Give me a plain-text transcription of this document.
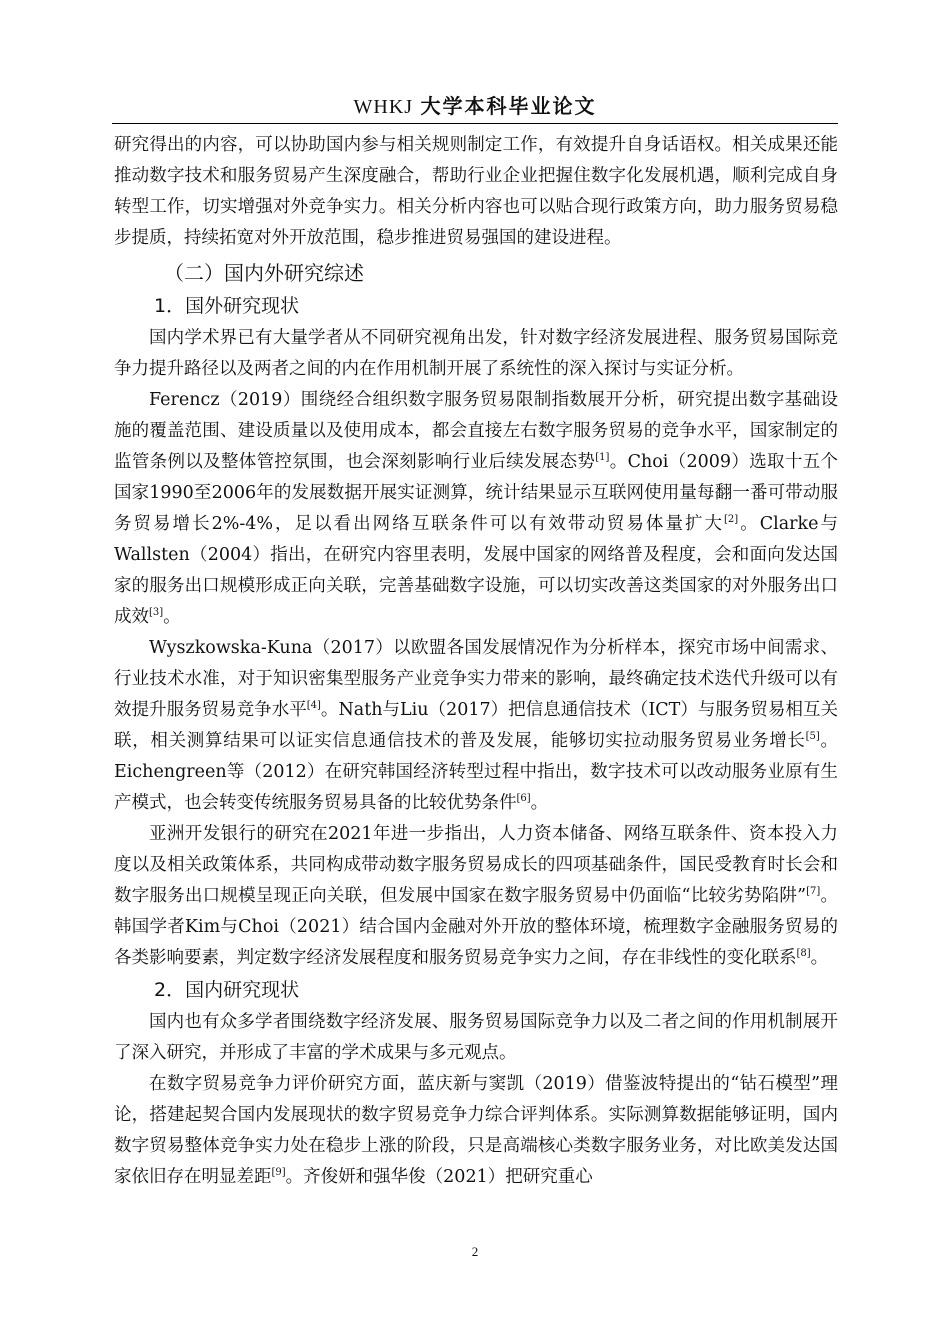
WHKJ 大学本科毕业论文

研究得出的内容，可以协助国内参与相关规则制定工作，有效提升自身话语权。相关成果还能推动数字技术和服务贸易产生深度融合，帮助行业企业把握住数字化发展机遇，顺利完成自身转型工作，切实增强对外竞争实力。相关分析内容也可以贴合现行政策方向，助力服务贸易稳步提质，持续拓宽对外开放范围，稳步推进贸易强国的建设进程。

（二）国内外研究综述
1．国外研究现状

国内学术界已有大量学者从不同研究视角出发，针对数字经济发展进程、服务贸易国际竞争力提升路径以及两者之间的内在作用机制开展了系统性的深入探讨与实证分析。

Ferencz（2019）围绕经合组织数字服务贸易限制指数展开分析，研究提出数字基础设施的覆盖范围、建设质量以及使用成本，都会直接左右数字服务贸易的竞争水平，国家制定的监管条例以及整体管控氛围，也会深刻影响行业后续发展态势[1]。Choi（2009）选取十五个国家1990至2006年的发展数据开展实证测算，统计结果显示互联网使用量每翻一番可带动服务贸易增长2%-4%，足以看出网络互联条件可以有效带动贸易体量扩大[2]。Clarke与Wallsten（2004）指出，在研究内容里表明，发展中国家的网络普及程度，会和面向发达国家的服务出口规模形成正向关联，完善基础数字设施，可以切实改善这类国家的对外服务出口成效[3]。

Wyszkowska-Kuna（2017）以欧盟各国发展情况作为分析样本，探究市场中间需求、行业技术水准，对于知识密集型服务产业竞争实力带来的影响，最终确定技术迭代升级可以有效提升服务贸易竞争水平[4]。Nath与Liu（2017）把信息通信技术（ICT）与服务贸易相互关联，相关测算结果可以证实信息通信技术的普及发展，能够切实拉动服务贸易业务增长[5]。Eichengreen等（2012）在研究韩国经济转型过程中指出，数字技术可以改动服务业原有生产模式，也会转变传统服务贸易具备的比较优势条件[6]。

亚洲开发银行的研究在2021年进一步指出，人力资本储备、网络互联条件、资本投入力度以及相关政策体系，共同构成带动数字服务贸易成长的四项基础条件，国民受教育时长会和数字服务出口规模呈现正向关联，但发展中国家在数字服务贸易中仍面临“比较劣势陷阱”[7]。韩国学者Kim与Choi（2021）结合国内金融对外开放的整体环境，梳理数字金融服务贸易的各类影响要素，判定数字经济发展程度和服务贸易竞争实力之间，存在非线性的变化联系[8]。

2．国内研究现状

国内也有众多学者围绕数字经济发展、服务贸易国际竞争力以及二者之间的作用机制展开了深入研究，并形成了丰富的学术成果与多元观点。

在数字贸易竞争力评价研究方面，蓝庆新与窦凯（2019）借鉴波特提出的“钻石模型”理论，搭建起契合国内发展现状的数字贸易竞争力综合评判体系。实际测算数据能够证明，国内数字贸易整体竞争实力处在稳步上涨的阶段，只是高端核心类数字服务业务，对比欧美发达国家依旧存在明显差距[9]。齐俊妍和强华俊（2021）把研究重心

2
